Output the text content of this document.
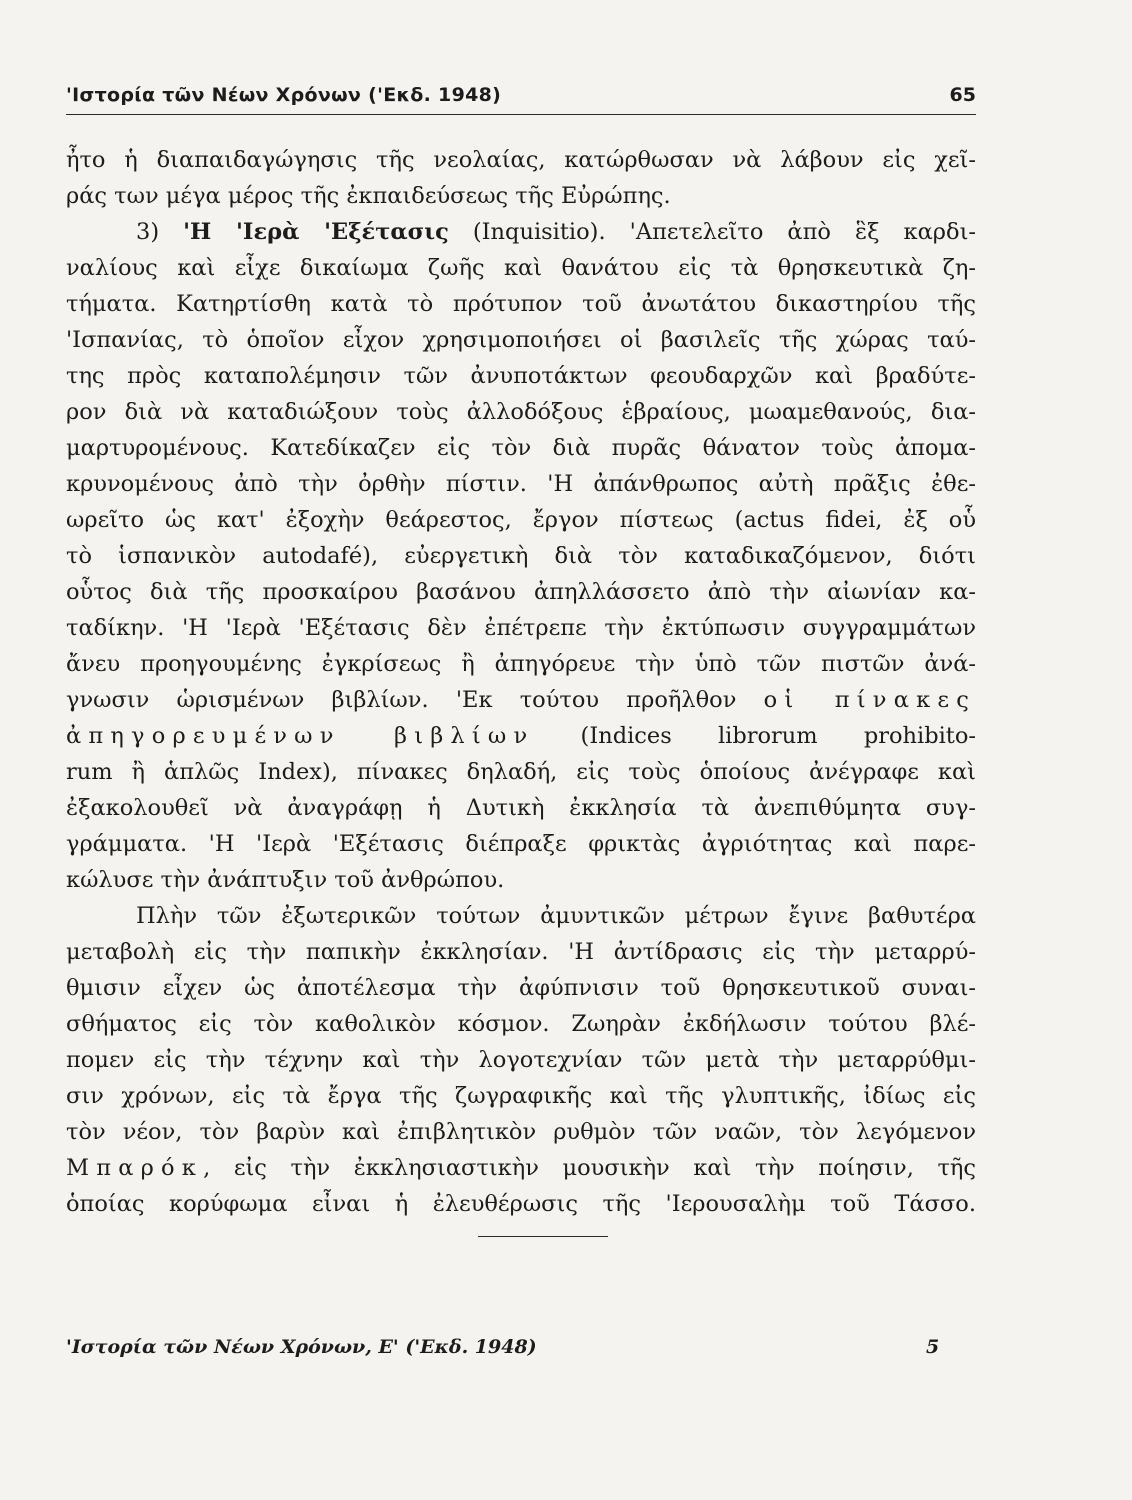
'Ιστορία τῶν Νέων Χρόνων ('Εκδ. 1948)	65
ἦτο ἡ διαπαιδαγώγησις τῆς νεολαίας, κατώρθωσαν νὰ λάβουν εἰς χεῖ-
ράς των μέγα μέρος τῆς ἐκπαιδεύσεως τῆς Εὐρώπης.
3) 'Η 'Ιερὰ 'Εξέτασις (Inquisitio). 'Απετελεῖτο ἀπὸ ἓξ καρδι-
ναλίους καὶ εἶχε δικαίωμα ζωῆς καὶ θανάτου εἰς τὰ θρησκευτικὰ ζη-
τήματα. Κατηρτίσθη κατὰ τὸ πρότυπον τοῦ ἀνωτάτου δικαστηρίου τῆς
'Ισπανίας, τὸ ὁποῖον εἶχον χρησιμοποιήσει οἱ βασιλεῖς τῆς χώρας ταύ-
της πρὸς καταπολέμησιν τῶν ἀνυποτάκτων φεουδαρχῶν καὶ βραδύτε-
ρον διὰ νὰ καταδιώξουν τοὺς ἀλλοδόξους ἑβραίους, μωαμεθανούς, δια-
μαρτυρομένους. Κατεδίκαζεν εἰς τὸν διὰ πυρᾶς θάνατον τοὺς ἀπομα-
κρυνομένους ἀπὸ τὴν ὀρθὴν πίστιν. 'Η ἀπάνθρωπος αὐτὴ πρᾶξις ἐθε-
ωρεῖτο ὡς κατ' ἐξοχὴν θεάρεστος, ἔργον πίστεως (actus fidei, ἐξ οὗ
τὸ ἱσπανικὸν autodafé), εὐεργετικὴ διὰ τὸν καταδικαζόμενον, διότι
οὗτος διὰ τῆς προσκαίρου βασάνου ἀπηλλάσσετο ἀπὸ τὴν αἰωνίαν κα-
ταδίκην. 'Η 'Ιερὰ 'Εξέτασις δὲν ἐπέτρεπε τὴν ἐκτύπωσιν συγγραμμάτων
ἄνευ προηγουμένης ἐγκρίσεως ἢ ἀπηγόρευε τὴν ὑπὸ τῶν πιστῶν ἀνά-
γνωσιν ὡρισμένων βιβλίων. 'Εκ τούτου προῆλθον οἱ πίνακες
ἀπηγορευμένων βιβλίων (Indices librorum prohibito-
rum ἢ ἁπλῶς Index), πίνακες δηλαδή, εἰς τοὺς ὁποίους ἀνέγραφε καὶ
ἐξακολουθεῖ νὰ ἀναγράφῃ ἡ Δυτικὴ ἐκκλησία τὰ ἀνεπιθύμητα συγ-
γράμματα. 'Η 'Ιερὰ 'Εξέτασις διέπραξε φρικτὰς ἀγριότητας καὶ παρε-
κώλυσε τὴν ἀνάπτυξιν τοῦ ἀνθρώπου.
Πλὴν τῶν ἐξωτερικῶν τούτων ἀμυντικῶν μέτρων ἔγινε βαθυτέρα
μεταβολὴ εἰς τὴν παπικὴν ἐκκλησίαν. 'Η ἀντίδρασις εἰς τὴν μεταρρύ-
θμισιν εἶχεν ὡς ἀποτέλεσμα τὴν ἀφύπνισιν τοῦ θρησκευτικοῦ συναι-
σθήματος εἰς τὸν καθολικὸν κόσμον. Ζωηρὰν ἐκδήλωσιν τούτου βλέ-
πομεν εἰς τὴν τέχνην καὶ τὴν λογοτεχνίαν τῶν μετὰ τὴν μεταρρύθμι-
σιν χρόνων, εἰς τὰ ἔργα τῆς ζωγραφικῆς καὶ τῆς γλυπτικῆς, ἰδίως εἰς
τὸν νέον, τὸν βαρὺν καὶ ἐπιβλητικὸν ρυθμὸν τῶν ναῶν, τὸν λεγόμενον
Μπαρόκ, εἰς τὴν ἐκκλησιαστικὴν μουσικὴν καὶ τὴν ποίησιν, τῆς
ὁποίας κορύφωμα εἶναι ἡ ἐλευθέρωσις τῆς 'Ιερουσαλὴμ τοῦ Τάσσο.
'Ιστορία τῶν Νέων Χρόνων, Ε' ('Εκδ. 1948)	5
